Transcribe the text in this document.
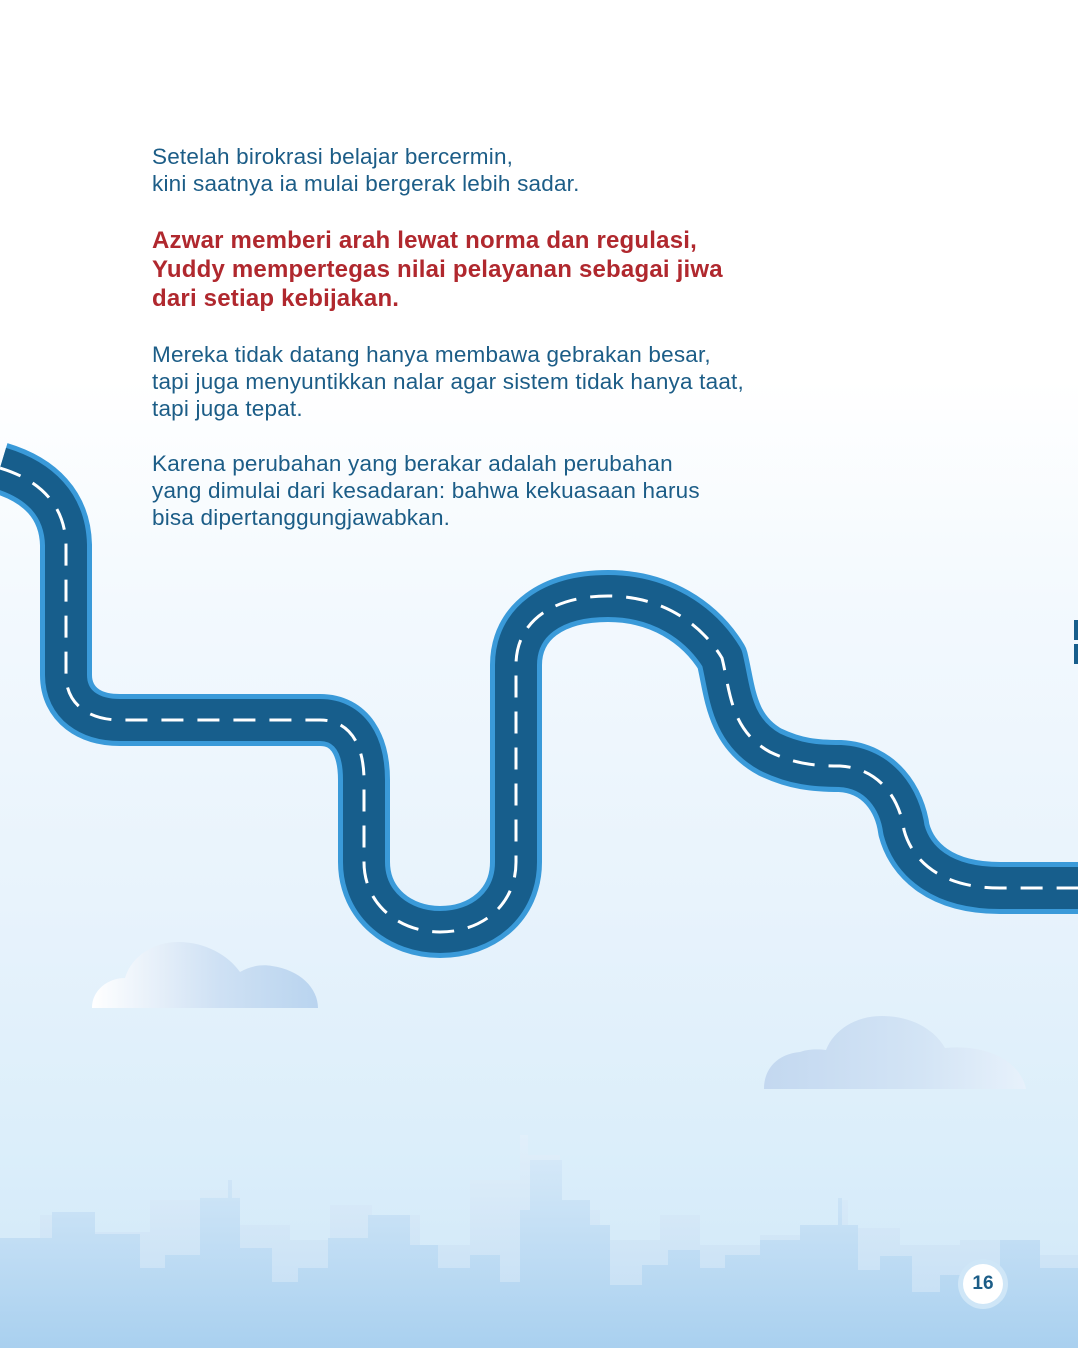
Setelah birokrasi belajar bercermin,
kini saatnya ia mulai bergerak lebih sadar.

Azwar memberi arah lewat norma dan regulasi,
Yuddy mempertegas nilai pelayanan sebagai jiwa
dari setiap kebijakan.

Mereka tidak datang hanya membawa gebrakan besar,
tapi juga menyuntikkan nalar agar sistem tidak hanya taat,
tapi juga tepat.

Karena perubahan yang berakar adalah perubahan
yang dimulai dari kesadaran: bahwa kekuasaan harus
bisa dipertanggungjawabkan.

16
